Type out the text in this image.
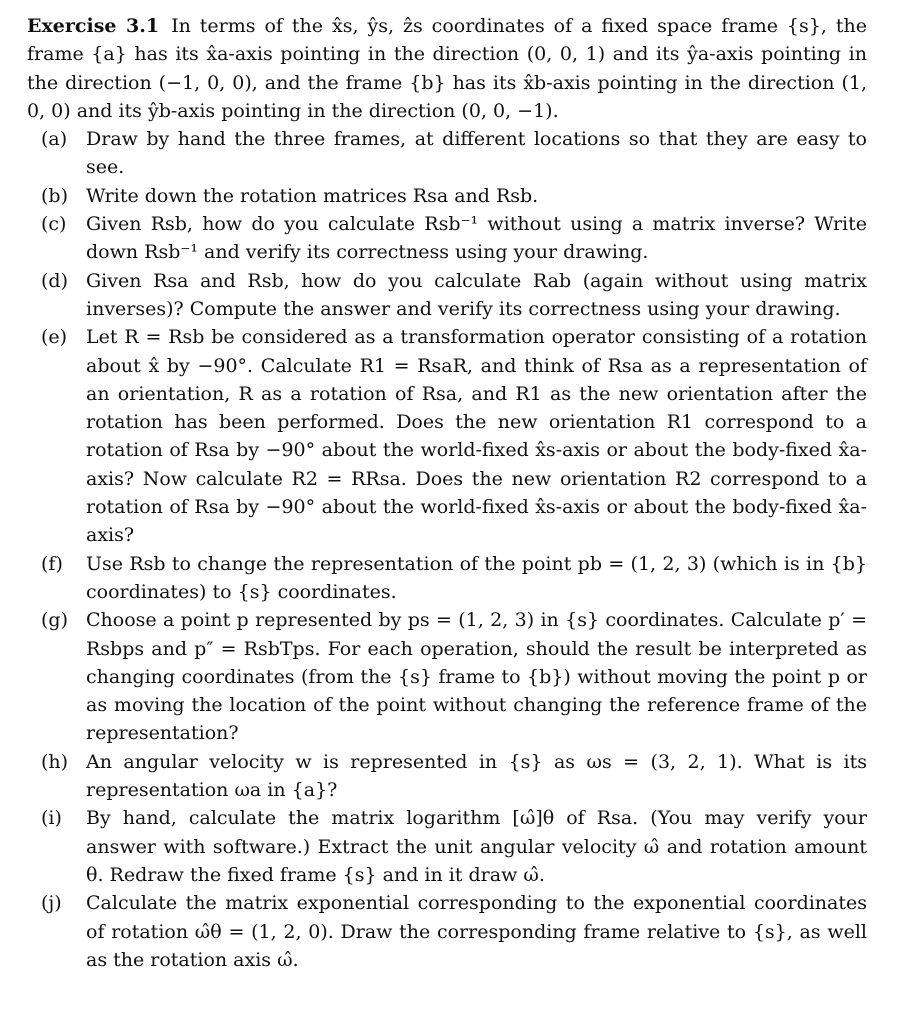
Exercise 3.1 In terms of the x̂s, ŷs, ẑs coordinates of a fixed space frame {s}, the frame {a} has its x̂a-axis pointing in the direction (0, 0, 1) and its ŷa-axis pointing in the direction (−1, 0, 0), and the frame {b} has its x̂b-axis pointing in the direction (1, 0, 0) and its ŷb-axis pointing in the direction (0, 0, −1).

(a) Draw by hand the three frames, at different locations so that they are easy to see.
(b) Write down the rotation matrices Rsa and Rsb.
(c)	Given Rsb, how do you calculate Rsb⁻¹ without using a matrix inverse? Write down Rsb⁻¹ and verify its correctness using your drawing.
(d) Given Rsa and Rsb, how do you calculate Rab (again without using matrix inverses)? Compute the answer and verify its correctness using your drawing.
(e) Let R = Rsb be considered as a transformation operator consisting of a rotation about x̂ by −90°. Calculate R1 = RsaR, and think of Rsa as a representation of an orientation, R as a rotation of Rsa, and R1 as the new orientation after the rotation has been performed. Does the new orientation R1 correspond to a rotation of Rsa by −90° about the world-fixed x̂s-axis or about the body-fixed x̂a-axis? Now calculate R2 = RRsa. Does the new orientation R2 correspond to a rotation of Rsa by −90° about the world-fixed x̂s-axis or about the body-fixed x̂a-axis?
(f)	Use Rsb to change the representation of the point pb = (1, 2, 3) (which is in {b} coordinates) to {s} coordinates.
(g) Choose a point p represented by ps = (1, 2, 3) in {s} coordinates. Calculate p′ = Rsbps and p″ = RsbTps. For each operation, should the result be interpreted as changing coordinates (from the {s} frame to {b}) without moving the point p or as moving the location of the point without changing the reference frame of the representation?
(h) An angular velocity w is represented in {s} as ωs = (3, 2, 1). What is its representation ωa in {a}?
(i)	By hand, calculate the matrix logarithm [ω̂]θ of Rsa. (You may verify your answer with software.) Extract the unit angular velocity ω̂ and rotation amount θ. Redraw the fixed frame {s} and in it draw ω̂.
(j)	Calculate the matrix exponential corresponding to the exponential coordinates of rotation ω̂θ = (1, 2, 0). Draw the corresponding frame relative to {s}, as well as the rotation axis ω̂.
